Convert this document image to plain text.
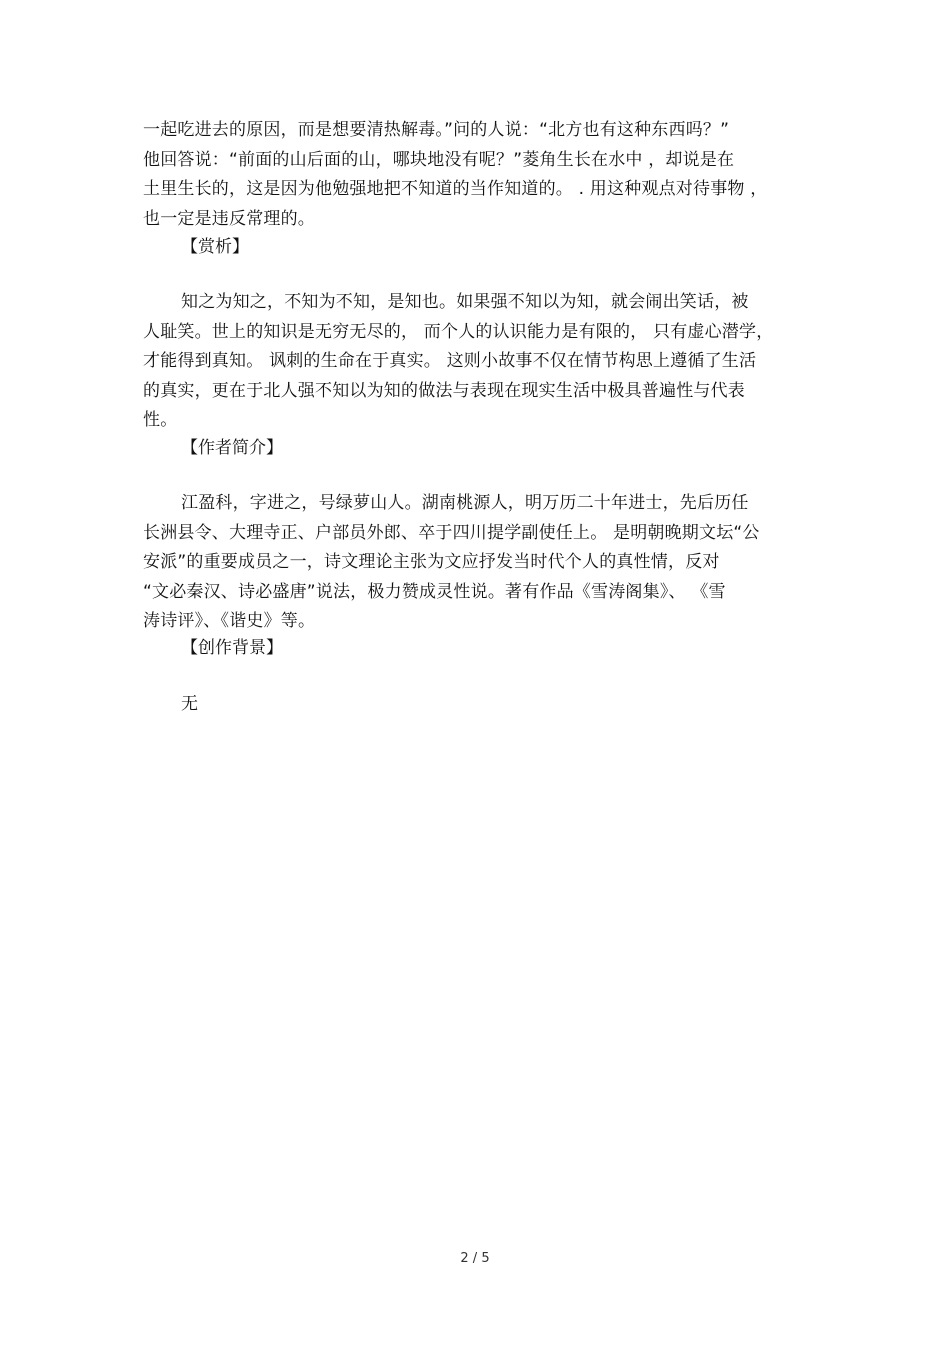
一起吃进去的原因，而是想要清热解毒。”问的人说：“北方也有这种东西吗？”
他回答说：“前面的山后面的山，哪块地没有呢？”菱角生长在水中 ，却说是在
土里生长的，这是因为他勉强地把不知道的当作知道的。 . 用这种观点对待事物 ，
也一定是违反常理的。
【赏析】
知之为知之，不知为不知，是知也。如果强不知以为知，就会闹出笑话，被
人耻笑。世上的知识是无穷无尽的， 而个人的认识能力是有限的， 只有虚心潜学，
才能得到真知。 讽刺的生命在于真实。 这则小故事不仅在情节构思上遵循了生活
的真实，更在于北人强不知以为知的做法与表现在现实生活中极具普遍性与代表
性。
【作者简介】
江盈科，字进之，号绿萝山人。湖南桃源人，明万历二十年进士，先后历任
长洲县令、大理寺正、户部员外郎、卒于四川提学副使任上。 是明朝晚期文坛“公
安派”的重要成员之一，诗文理论主张为文应抒发当时代个人的真性情，反对
“文必秦汉、诗必盛唐”说法，极力赞成灵性说。著有作品《雪涛阁集》、 《雪
涛诗评》、《谐史》等。
【创作背景】
无
2 / 5
